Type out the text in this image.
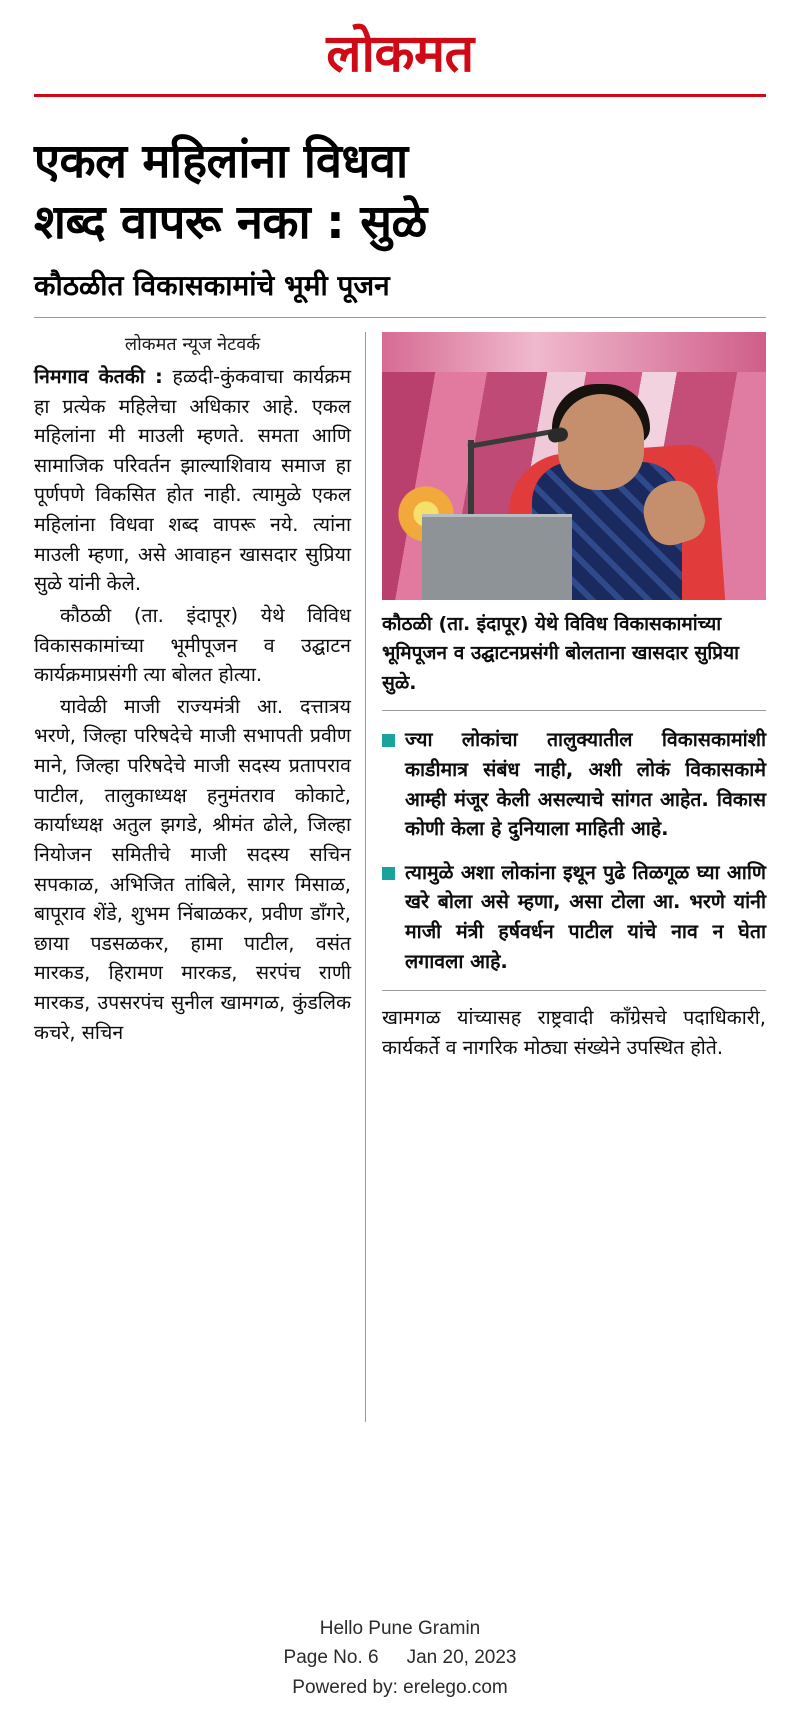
लोकमत
एकल महिलांना विधवा
शब्द वापरू नका : सुळे
कौठळीत विकासकामांचे भूमी पूजन
लोकमत न्यूज नेटवर्क

निमगाव केतकी : हळदी-कुंकवाचा कार्यक्रम हा प्रत्येक महिलेचा अधिकार आहे. एकल महिलांना मी माउली म्हणते. समता आणि सामाजिक परिवर्तन झाल्याशिवाय समाज हा पूर्णपणे विकसित होत नाही. त्यामुळे एकल महिलांना विधवा शब्द वापरू नये. त्यांना माउली म्हणा, असे आवाहन खासदार सुप्रिया सुळे यांनी केले.

कौठळी (ता. इंदापूर) येथे विविध विकासकामांच्या भूमीपूजन व उद्घाटन कार्यक्रमाप्रसंगी त्या बोलत होत्या.

यावेळी माजी राज्यमंत्री आ. दत्तात्रय भरणे, जिल्हा परिषदेचे माजी सभापती प्रवीण माने, जिल्हा परिषदेचे माजी सदस्य प्रतापराव पाटील, तालुकाध्यक्ष हनुमंतराव कोकाटे, कार्याध्यक्ष अतुल झगडे, श्रीमंत ढोले, जिल्हा नियोजन समितीचे माजी सदस्य सचिन सपकाळ, अभिजित तांबिले, सागर मिसाळ, बापूराव शेंडे, शुभम निंबाळकर, प्रवीण डाँगरे, छाया पडसळकर, हामा पाटील, वसंत मारकड, हिरामण मारकड, सरपंच राणी मारकड, उपसरपंच सुनील खामगळ, कुंडलिक कचरे, सचिन

कौठळी (ता. इंदापूर) येथे विविध विकासकामांच्या भूमिपूजन व उद्घाटनप्रसंगी बोलताना खासदार सुप्रिया सुळे.
ज्या लोकांचा तालुक्यातील विकासकामांशी काडीमात्र संबंध नाही, अशी लोकं विकासकामे आम्ही मंजूर केली असल्याचे सांगत आहेत. विकास कोणी केला हे दुनियाला माहिती आहे.
त्यामुळे अशा लोकांना इथून पुढे तिळगूळ घ्या आणि खरे बोला असे म्हणा, असा टोला आ. भरणे यांनी माजी मंत्री हर्षवर्धन पाटील यांचे नाव न घेता लगावला आहे.

खामगळ यांच्यासह राष्ट्रवादी काँग्रेसचे पदाधिकारी, कार्यकर्ते व नागरिक मोठ्या संख्येने उपस्थित होते.

Hello Pune Gramin
Page No. 6 Jan 20, 2023
Powered by: erelego.com
